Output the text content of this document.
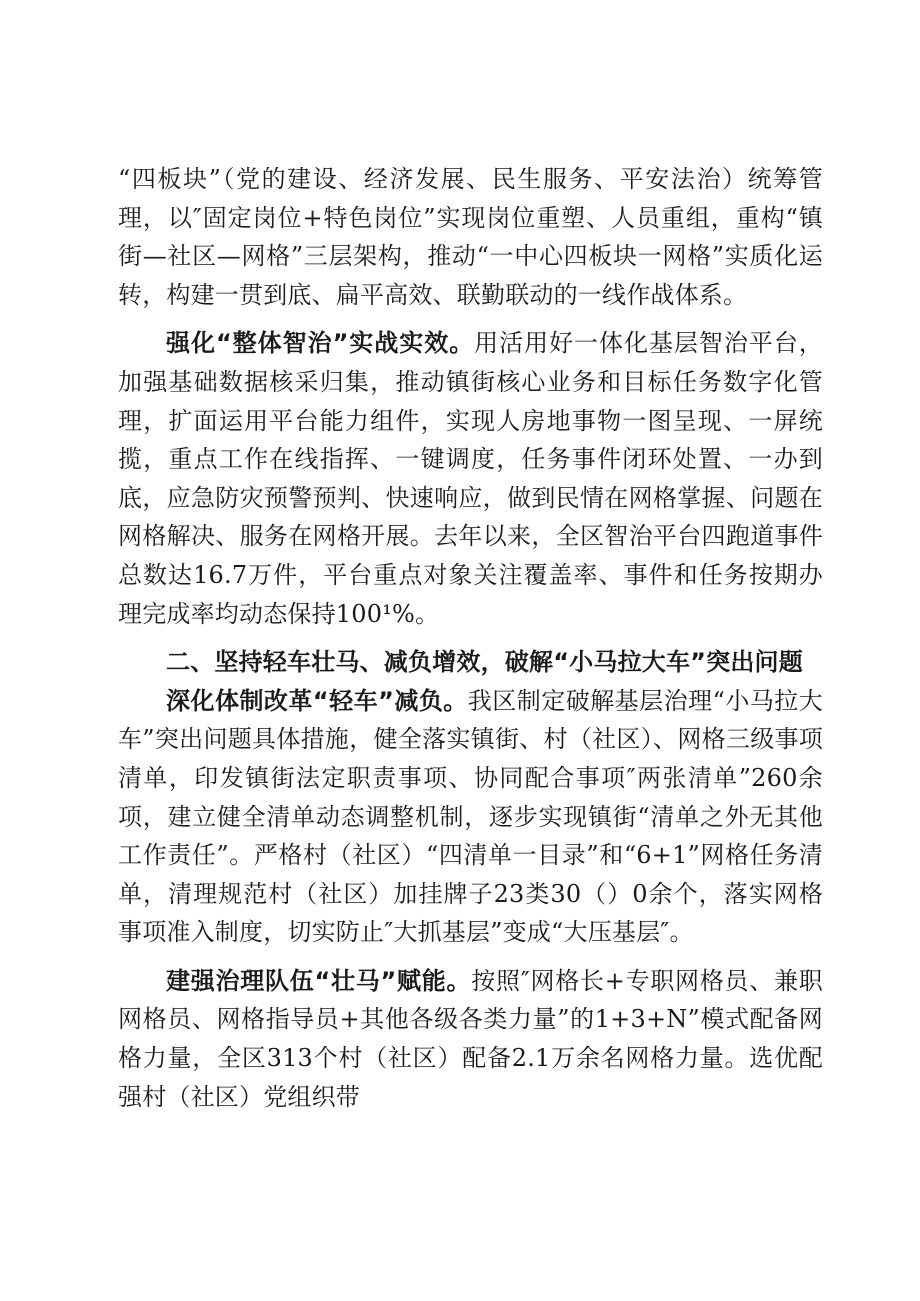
“四板块”（党的建设、经济发展、民生服务、平安法治）统筹管理，以″固定岗位+特色岗位”实现岗位重塑、人员重组，重构“镇街—社区—网格”三层架构，推动“一中心四板块一网格”实质化运转，构建一贯到底、扁平高效、联勤联动的一线作战体系。

强化“整体智治”实战实效。用活用好一体化基层智治平台，加强基础数据核采归集，推动镇街核心业务和目标任务数字化管理，扩面运用平台能力组件，实现人房地事物一图呈现、一屏统揽，重点工作在线指挥、一键调度，任务事件闭环处置、一办到底，应急防灾预警预判、快速响应，做到民情在网格掌握、问题在网格解决、服务在网格开展。去年以来，全区智治平台四跑道事件总数达16.7万件，平台重点对象关注覆盖率、事件和任务按期办理完成率均动态保持100¹%。

二、坚持轻车壮马、减负增效，破解“小马拉大车”突出问题

深化体制改革“轻车”减负。我区制定破解基层治理“小马拉大车”突出问题具体措施，健全落实镇街、村（社区）、网格三级事项清单，印发镇街法定职责事项、协同配合事项″两张清单”260余项，建立健全清单动态调整机制，逐步实现镇街“清单之外无其他工作责任”。严格村（社区）“四清单一目录”和“6+1”网格任务清单，清理规范村（社区）加挂牌子23类30（）0余个，落实网格事项准入制度，切实防止″大抓基层”变成“大压基层″。

建强治理队伍“壮马”赋能。按照″网格长+专职网格员、兼职网格员、网格指导员+其他各级各类力量”的1+3+N”模式配备网格力量，全区313个村（社区）配备2.1万余名网格力量。选优配强村（社区）党组织带
